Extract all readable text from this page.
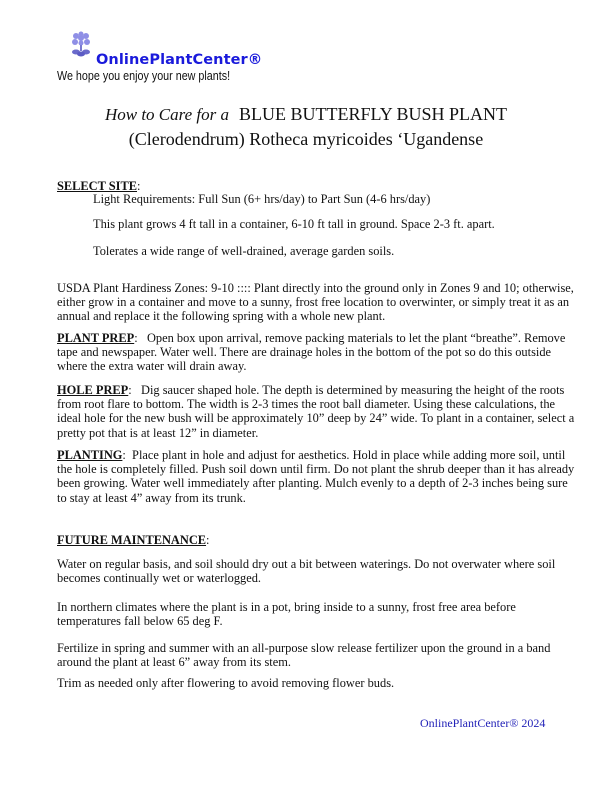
OnlinePlantCenter®
We hope you enjoy your new plants!
How to Care for a BLUE BUTTERFLY BUSH PLANT
(Clerodendrum) Rotheca myricoides ‘Ugandense
SELECT SITE:
Light Requirements: Full Sun (6+ hrs/day) to Part Sun (4-6 hrs/day)
This plant grows 4 ft tall in a container, 6-10 ft tall in ground. Space 2-3 ft. apart.
Tolerates a wide range of well-drained, average garden soils.
USDA Plant Hardiness Zones: 9-10 :::: Plant directly into the ground only in Zones 9 and 10; otherwise, either grow in a container and move to a sunny, frost free location to overwinter, or simply treat it as an annual and replace it the following spring with a whole new plant.
PLANT PREP:   Open box upon arrival, remove packing materials to let the plant “breathe”. Remove tape and newspaper. Water well. There are drainage holes in the bottom of the pot so do this outside where the extra water will drain away.
HOLE PREP:   Dig saucer shaped hole. The depth is determined by measuring the height of the roots from root flare to bottom. The width is 2-3 times the root ball diameter. Using these calculations, the ideal hole for the new bush will be approximately 10” deep by 24” wide. To plant in a container, select a pretty pot that is at least 12” in diameter.
PLANTING:  Place plant in hole and adjust for aesthetics. Hold in place while adding more soil, until the hole is completely filled. Push soil down until firm. Do not plant the shrub deeper than it has already been growing. Water well immediately after planting. Mulch evenly to a depth of 2-3 inches being sure to stay at least 4” away from its trunk.
FUTURE MAINTENANCE:
Water on regular basis, and soil should dry out a bit between waterings. Do not overwater where soil becomes continually wet or waterlogged.
In northern climates where the plant is in a pot, bring inside to a sunny, frost free area before temperatures fall below 65 deg F.
Fertilize in spring and summer with an all-purpose slow release fertilizer upon the ground in a band around the plant at least 6” away from its stem.
Trim as needed only after flowering to avoid removing flower buds.
OnlinePlantCenter® 2024
